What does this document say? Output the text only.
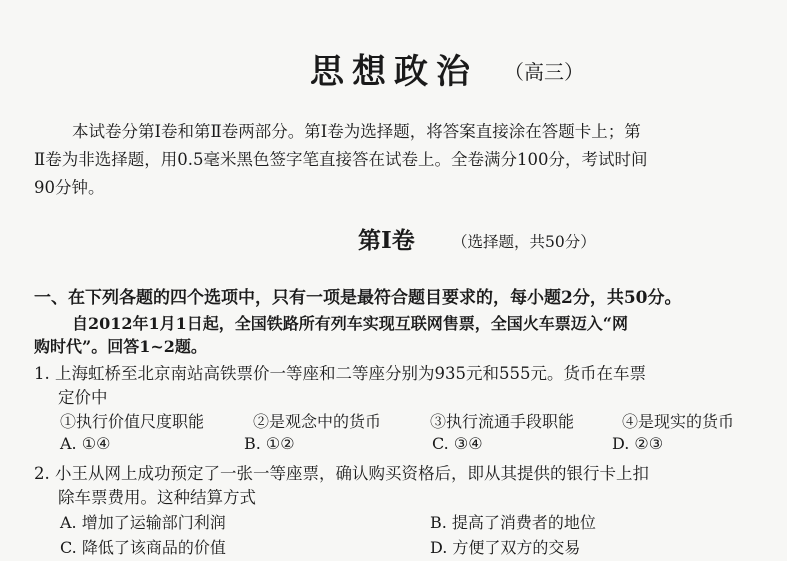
思想政治 （高三）
本试卷分第Ⅰ卷和第Ⅱ卷两部分。第Ⅰ卷为选择题，将答案直接涂在答题卡上；第
Ⅱ卷为非选择题，用0.5毫米黑色签字笔直接答在试卷上。全卷满分100分，考试时间
90分钟。
第Ⅰ卷 （选择题，共50分）
一、在下列各题的四个选项中，只有一项是最符合题目要求的，每小题2分，共50分。
自2012年1月1日起，全国铁路所有列车实现互联网售票，全国火车票迈入“网
购时代”。回答1~2题。
1. 上海虹桥至北京南站高铁票价一等座和二等座分别为935元和555元。货币在车票
定价中
①执行价值尺度职能	②是观念中的货币	③执行流通手段职能	④是现实的货币
A. ①④	B. ①②	C. ③④	D. ②③
2. 小王从网上成功预定了一张一等座票，确认购买资格后，即从其提供的银行卡上扣
除车票费用。这种结算方式
A. 增加了运输部门利润	B. 提高了消费者的地位
C. 降低了该商品的价值	D. 方便了双方的交易
